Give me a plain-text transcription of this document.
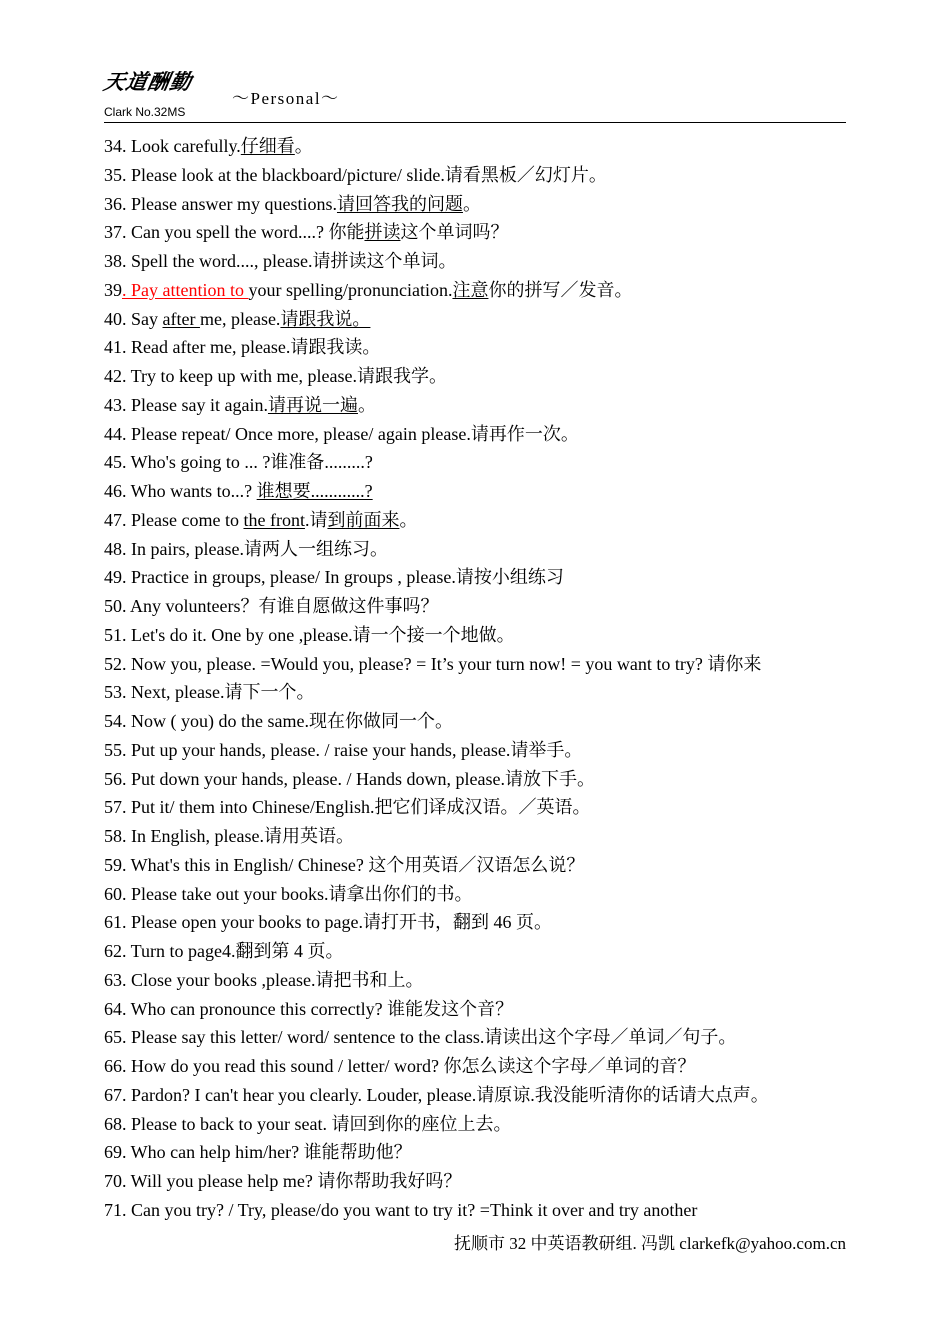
天道酬勤
Clark No.32MS
～Personal～
34. Look carefully.仔细看。
35. Please look at the blackboard/picture/ slide.请看黑板／幻灯片。
36. Please answer my questions.请回答我的问题。
37. Can you spell the word....? 你能拼读这个单词吗？
38. Spell the word...., please.请拼读这个单词。
39. Pay attention to your spelling/pronunciation.注意你的拼写／发音。
40. Say after me, please.请跟我说。
41. Read after me, please.请跟我读。
42. Try to keep up with me, please.请跟我学。
43. Please say it again.请再说一遍。
44. Please repeat/ Once more, please/ again please.请再作一次。
45. Who's going to ... ?谁准备.........?
46. Who wants to...? 谁想要............?
47. Please come to the front.请到前面来。
48. In pairs, please.请两人一组练习。
49. Practice in groups, please/ In groups , please.请按小组练习
50. Any volunteers？有谁自愿做这件事吗？
51. Let's do it. One by one ,please.请一个接一个地做。
52. Now you, please. =Would you, please? = It’s your turn now! = you want to try? 请你来
53. Next, please.请下一个。
54. Now ( you) do the same.现在你做同一个。
55. Put up your hands, please. / raise your hands, please.请举手。
56. Put down your hands, please. / Hands down, please.请放下手。
57. Put it/ them into Chinese/English.把它们译成汉语。／英语。
58. In English, please.请用英语。
59. What's this in English/ Chinese? 这个用英语／汉语怎么说？
60. Please take out your books.请拿出你们的书。
61. Please open your books to page.请打开书，翻到 46 页。
62. Turn to page4.翻到第 4 页。
63. Close your books ,please.请把书和上。
64. Who can pronounce this correctly? 谁能发这个音？
65. Please say this letter/ word/ sentence to the class.请读出这个字母／单词／句子。
66. How do you read this sound / letter/ word? 你怎么读这个字母／单词的音？
67. Pardon? I can't hear you clearly. Louder, please.请原谅.我没能听清你的话请大点声。
68. Please to back to your seat. 请回到你的座位上去。
69. Who can help him/her? 谁能帮助他？
70. Will you please help me? 请你帮助我好吗？
71. Can you try? / Try, please/do you want to try it? =Think it over and try another
抚顺市 32 中英语教研组. 冯凯 clarkefk@yahoo.com.cn
